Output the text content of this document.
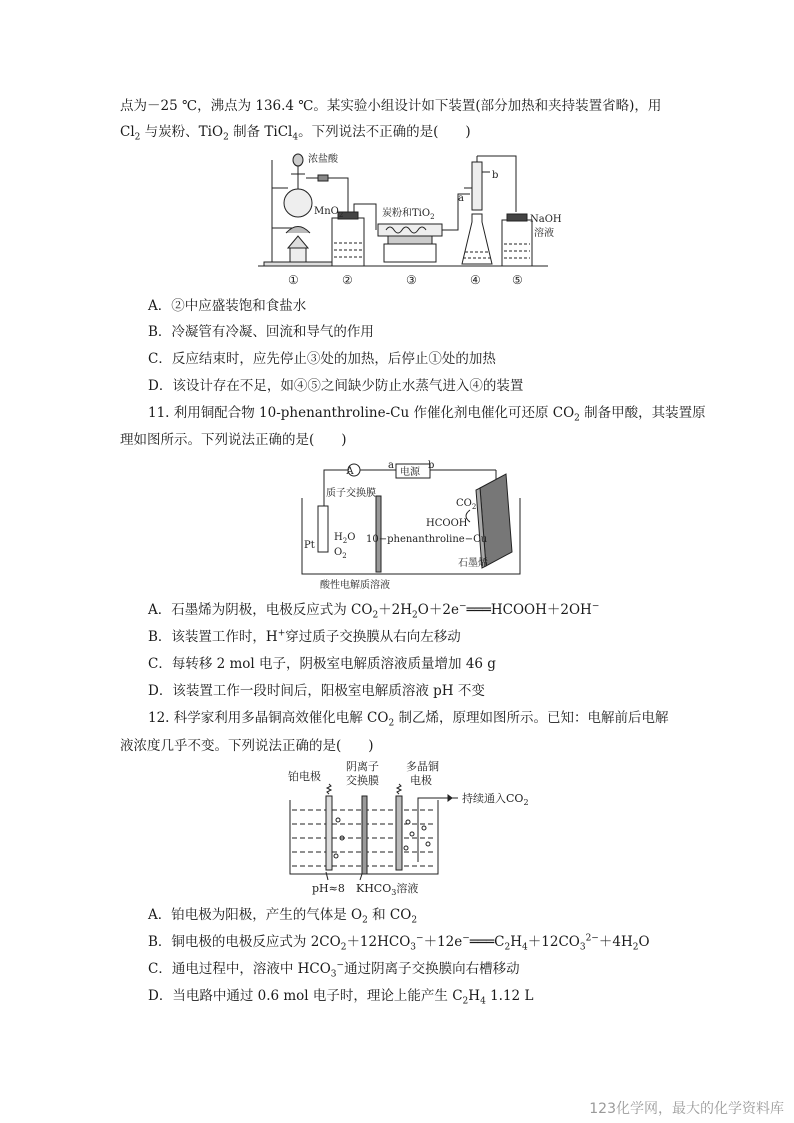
点为－25 ℃，沸点为 136.4 ℃。某实验小组设计如下装置(部分加热和夹持装置省略)，用
$Cl_2$ 与炭粉、TiO$_2$ 制备 TiCl$_4$。下列说法不正确的是(　　)
浓盐酸
MnO$_2$	炭粉和TiO$_2$
a
b
NaOH
溶液
①	②	③	④	⑤
A．②中应盛装饱和食盐水
B．冷凝管有冷凝、回流和导气的作用
C．反应结束时，应先停止③处的加热，后停止①处的加热
D．该设计存在不足，如④⑤之间缺少防止水蒸气进入④的装置
11. 利用铜配合物 10-phenanthroline-Cu 作催化剂电催化可还原 $CO_2$ 制备甲酸，其装置原
理如图所示。下列说法正确的是(　　)
A
a
电源
b
质子交换膜
$CO_2$
HCOOH
$H_2O$
$O_2$
Pt
10−phenanthroline−Cu
石墨烯
酸性电解质溶液
A．石墨烯为阴极，电极反应式为 $CO_2+2H_2O+2e^-═══HCOOH+2OH^-$
B．该装置工作时，H+穿过质子交换膜从右向左移动
C．每转移 2 mol 电子，阴极室电解质溶液质量增加 46 g
D．该装置工作一段时间后，阳极室电解质溶液 pH 不变
12. 科学家利用多晶铜高效催化电解 $CO_2$ 制乙烯，原理如图所示。已知：电解前后电解
液浓度几乎不变。下列说法正确的是(　　)
铂电极
阴离子
交换膜
多晶铜
电极
持续通入$CO_2$
pH≈8 $KHCO_3$溶液
A．铂电极为阳极，产生的气体是 $O_2$ 和 $CO_2$
B．铜电极的电极反应式为 $2CO_2+12HCO_3^-+12e^-═══C_2H_4+12CO_3^{2-}+4H_2O$
C．通电过程中，溶液中 $HCO_3^-$通过阴离子交换膜向右槽移动
D．当电路中通过 0.6 mol 电子时，理论上能产生 $C_2H_4$ 1.12 L
123化学网，最大的化学资料库
